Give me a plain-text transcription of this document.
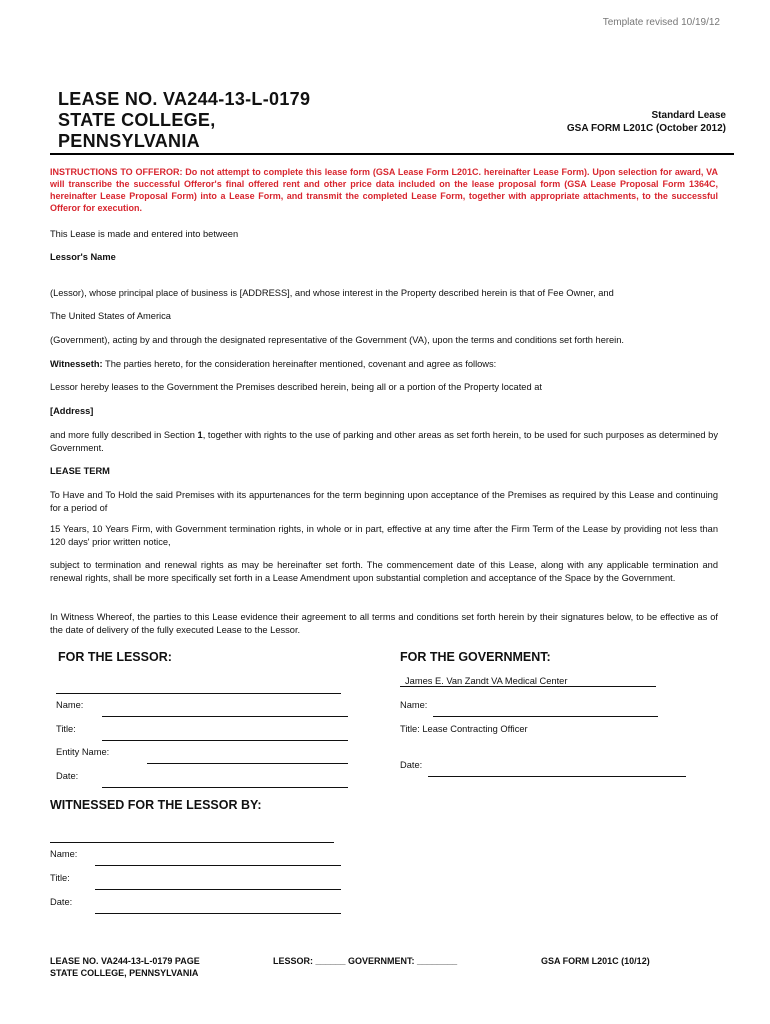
Template revised 10/19/12
LEASE NO. VA244-13-L-0179
STATE COLLEGE,
PENNSYLVANIA
Standard Lease
GSA FORM L201C (October 2012)
INSTRUCTIONS TO OFFEROR: Do not attempt to complete this lease form (GSA Lease Form L201C. hereinafter Lease Form). Upon selection for award, VA will transcribe the successful Offeror's final offered rent and other price data included on the lease proposal form (GSA Lease Proposal Form 1364C, hereinafter Lease Proposal Form) into a Lease Form, and transmit the completed Lease Form, together with appropriate attachments, to the successful Offeror for execution.
This Lease is made and entered into between
Lessor's Name
(Lessor), whose principal place of business is [ADDRESS], and whose interest in the Property described herein is that of Fee Owner, and
The United States of America
(Government), acting by and through the designated representative of the Government (VA), upon the terms and conditions set forth herein.
Witnesseth: The parties hereto, for the consideration hereinafter mentioned, covenant and agree as follows:
Lessor hereby leases to the Government the Premises described herein, being all or a portion of the Property located at
[Address]
and more fully described in Section 1, together with rights to the use of parking and other areas as set forth herein, to be used for such purposes as determined by Government.
LEASE TERM
To Have and To Hold the said Premises with its appurtenances for the term beginning upon acceptance of the Premises as required by this Lease and continuing for a period of
15 Years, 10 Years Firm, with Government termination rights, in whole or in part, effective at any time after the Firm Term of the Lease by providing not less than 120 days' prior written notice,
subject to termination and renewal rights as may be hereinafter set forth. The commencement date of this Lease, along with any applicable termination and renewal rights, shall be more specifically set forth in a Lease Amendment upon substantial completion and acceptance of the Space by the Government.
In Witness Whereof, the parties to this Lease evidence their agreement to all terms and conditions set forth herein by their signatures below, to be effective as of the date of delivery of the fully executed Lease to the Lessor.
FOR THE LESSOR:
Name:
Title:
Entity Name:
Date:
FOR THE GOVERNMENT:
James E. Van Zandt VA Medical Center
Name:
Title: Lease Contracting Officer
Date:
WITNESSED FOR THE LESSOR BY:
Name:
Title:
Date:
LEASE NO. VA244-13-L-0179 PAGE
STATE COLLEGE, PENNSYLVANIA
LESSOR: ______ GOVERNMENT: ________	GSA FORM L201C (10/12)
